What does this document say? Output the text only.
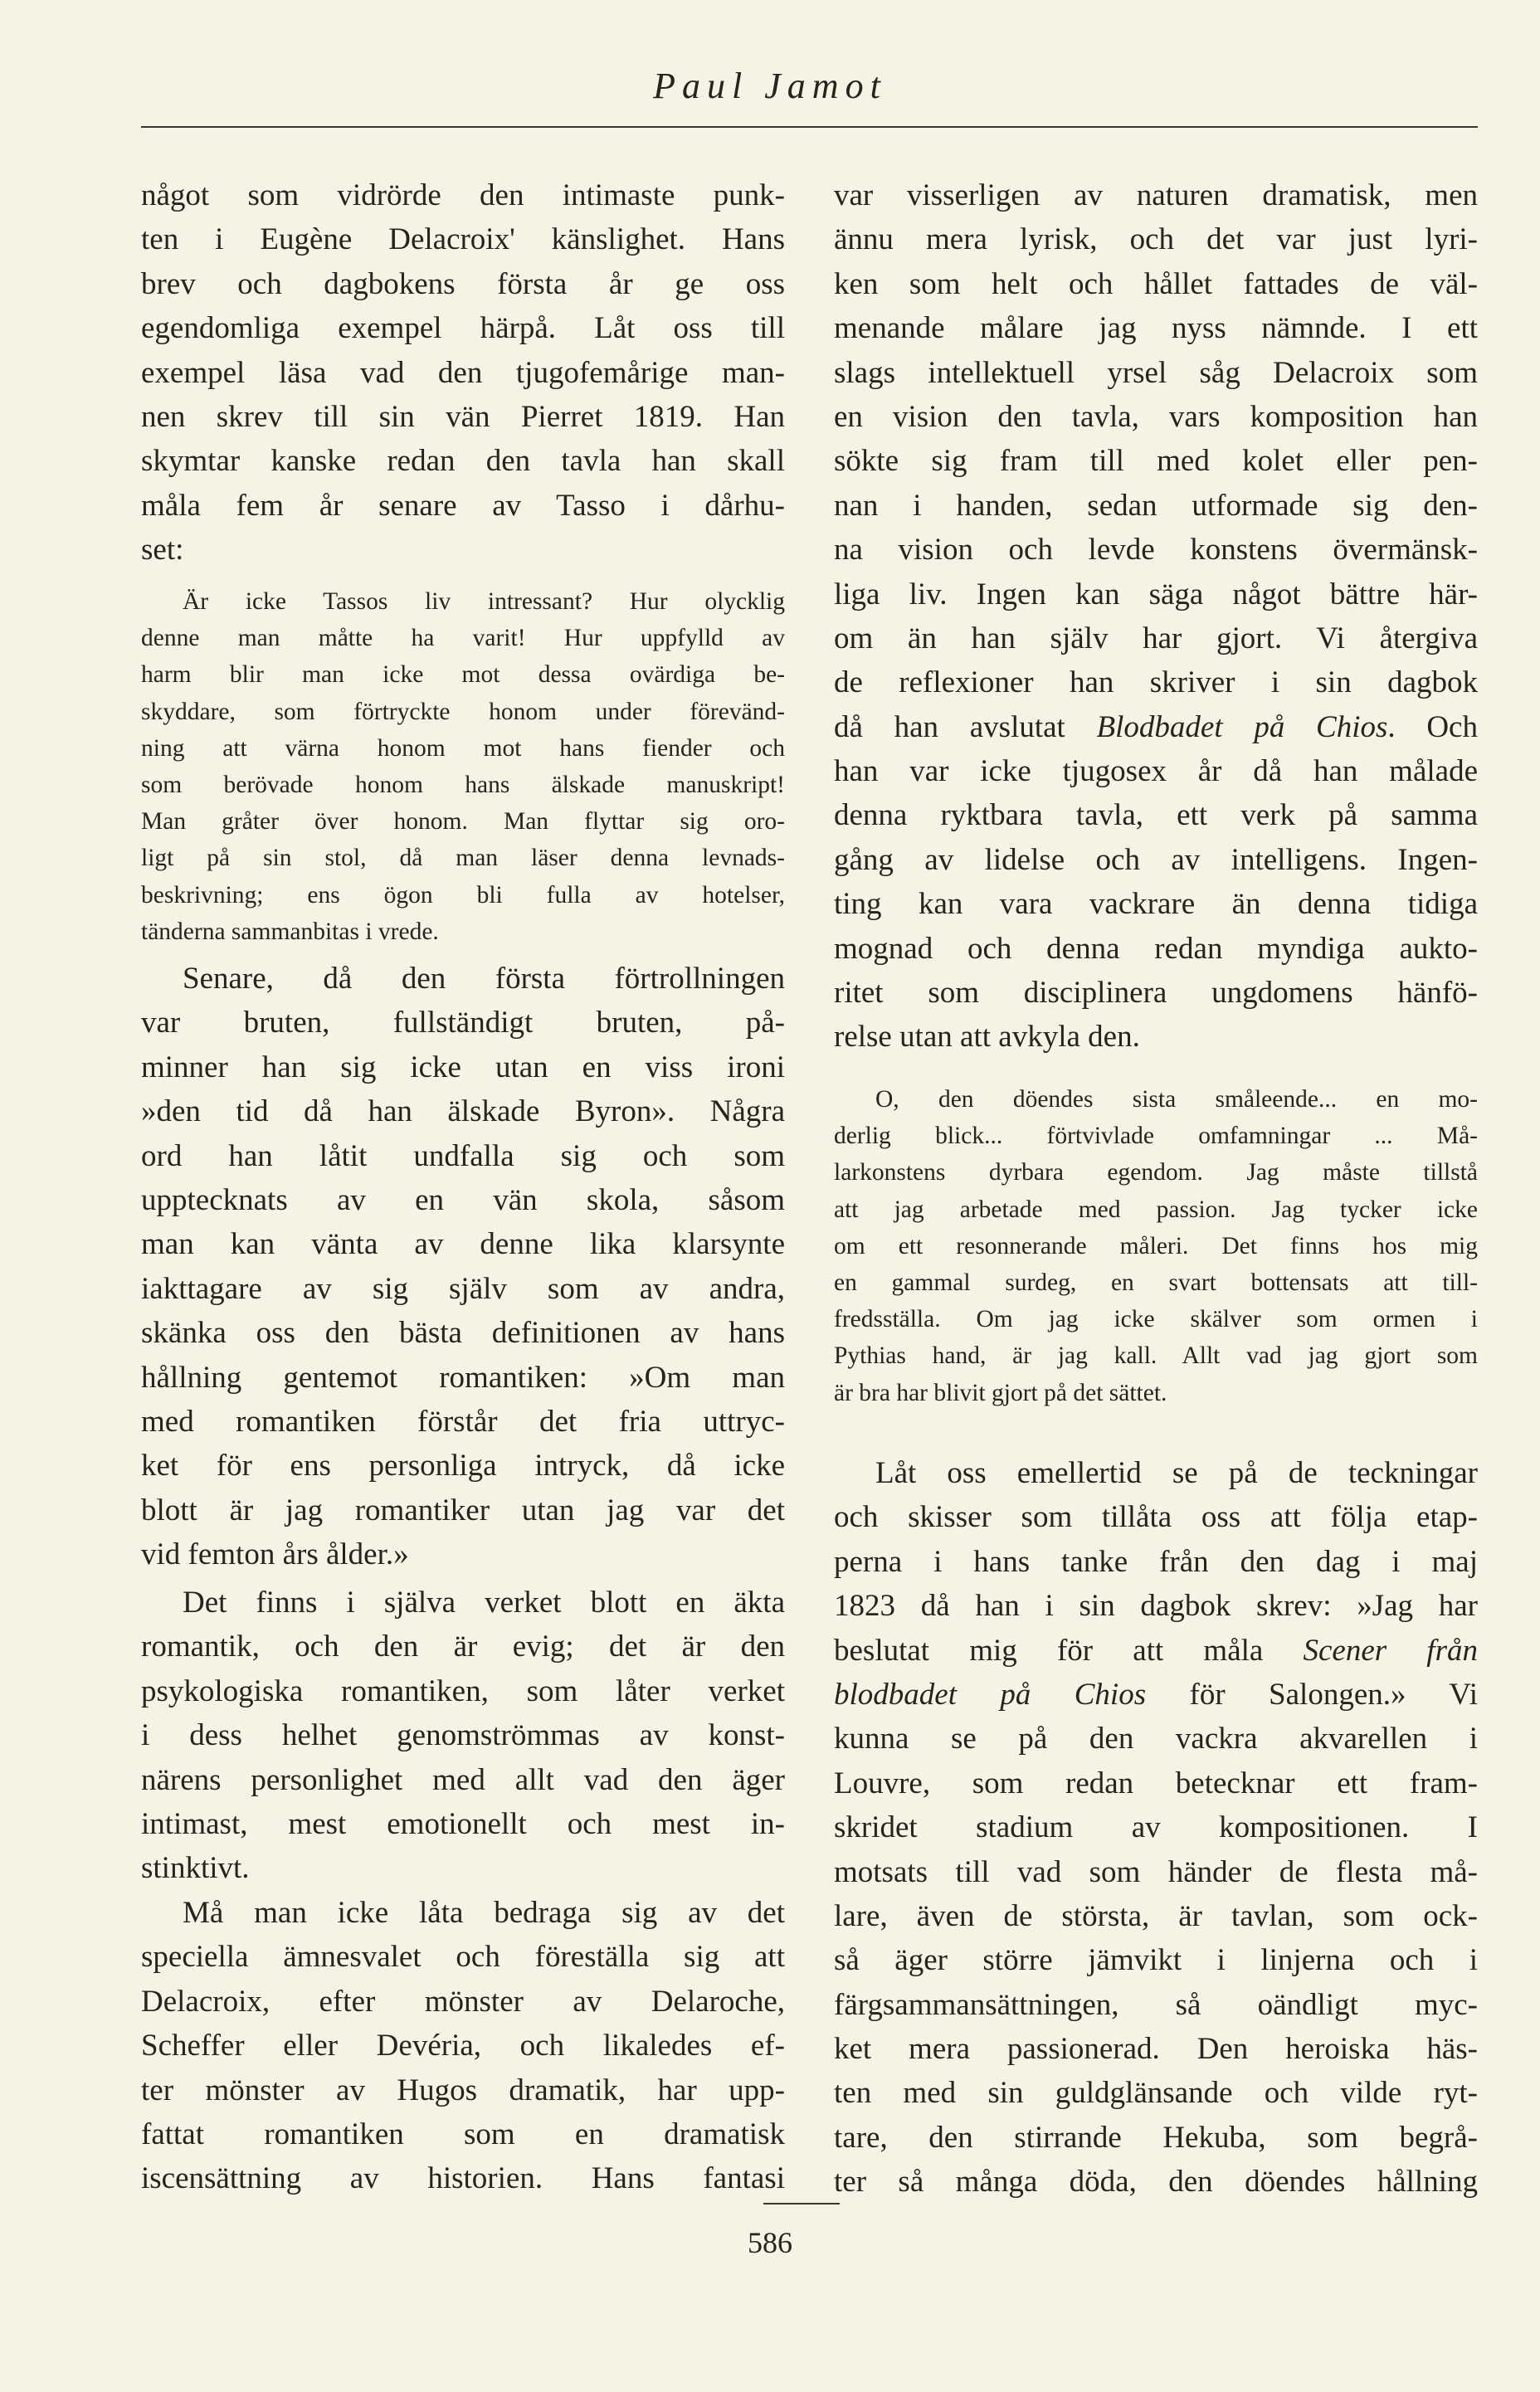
Paul Jamot
något som vidrörde den intimaste punk-
ten i Eugène Delacroix' känslighet. Hans
brev och dagbokens första år ge oss
egendomliga exempel härpå. Låt oss till
exempel läsa vad den tjugofemårige man-
nen skrev till sin vän Pierret 1819. Han
skymtar kanske redan den tavla han skall
måla fem år senare av Tasso i dårhu-
set:
Är icke Tassos liv intressant? Hur olycklig
denne man måtte ha varit! Hur uppfylld av
harm blir man icke mot dessa ovärdiga be-
skyddare, som förtryckte honom under förevänd-
ning att värna honom mot hans fiender och
som berövade honom hans älskade manuskript!
Man gråter över honom. Man flyttar sig oro-
ligt på sin stol, då man läser denna levnads-
beskrivning; ens ögon bli fulla av hotelser,
tänderna sammanbitas i vrede.
Senare, då den första förtrollningen
var bruten, fullständigt bruten, på-
minner han sig icke utan en viss ironi
»den tid då han älskade Byron». Några
ord han låtit undfalla sig och som
upptecknats av en vän skola, såsom
man kan vänta av denne lika klarsynte
iakttagare av sig själv som av andra,
skänka oss den bästa definitionen av hans
hållning gentemot romantiken: »Om man
med romantiken förstår det fria uttryc-
ket för ens personliga intryck, då icke
blott är jag romantiker utan jag var det
vid femton års ålder.»
Det finns i själva verket blott en äkta
romantik, och den är evig; det är den
psykologiska romantiken, som låter verket
i dess helhet genomströmmas av konst-
närens personlighet med allt vad den äger
intimast, mest emotionellt och mest in-
stinktivt.
Må man icke låta bedraga sig av det
speciella ämnesvalet och föreställa sig att
Delacroix, efter mönster av Delaroche,
Scheffer eller Devéria, och likaledes ef-
ter mönster av Hugos dramatik, har upp-
fattat romantiken som en dramatisk
iscensättning av historien. Hans fantasi
var visserligen av naturen dramatisk, men
ännu mera lyrisk, och det var just lyri-
ken som helt och hållet fattades de väl-
menande målare jag nyss nämnde. I ett
slags intellektuell yrsel såg Delacroix som
en vision den tavla, vars komposition han
sökte sig fram till med kolet eller pen-
nan i handen, sedan utformade sig den-
na vision och levde konstens övermänsk-
liga liv. Ingen kan säga något bättre här-
om än han själv har gjort. Vi återgiva
de reflexioner han skriver i sin dagbok
då han avslutat Blodbadet på Chios. Och
han var icke tjugosex år då han målade
denna ryktbara tavla, ett verk på samma
gång av lidelse och av intelligens. Ingen-
ting kan vara vackrare än denna tidiga
mognad och denna redan myndiga aukto-
ritet som disciplinera ungdomens hänfö-
relse utan att avkyla den.
O, den döendes sista småleende... en mo-
derlig blick... förtvivlade omfamningar ... Må-
larkonstens dyrbara egendom. Jag måste tillstå
att jag arbetade med passion. Jag tycker icke
om ett resonnerande måleri. Det finns hos mig
en gammal surdeg, en svart bottensats att till-
fredsställa. Om jag icke skälver som ormen i
Pythias hand, är jag kall. Allt vad jag gjort som
är bra har blivit gjort på det sättet.
Låt oss emellertid se på de teckningar
och skisser som tillåta oss att följa etap-
perna i hans tanke från den dag i maj
1823 då han i sin dagbok skrev: »Jag har
beslutat mig för att måla Scener från
blodbadet på Chios för Salongen.» Vi
kunna se på den vackra akvarellen i
Louvre, som redan betecknar ett fram-
skridet stadium av kompositionen. I
motsats till vad som händer de flesta må-
lare, även de största, är tavlan, som ock-
så äger större jämvikt i linjerna och i
färgsammansättningen, så oändligt myc-
ket mera passionerad. Den heroiska häs-
ten med sin guldglänsande och vilde ryt-
tare, den stirrande Hekuba, som begrå-
ter så många döda, den döendes hållning
586
